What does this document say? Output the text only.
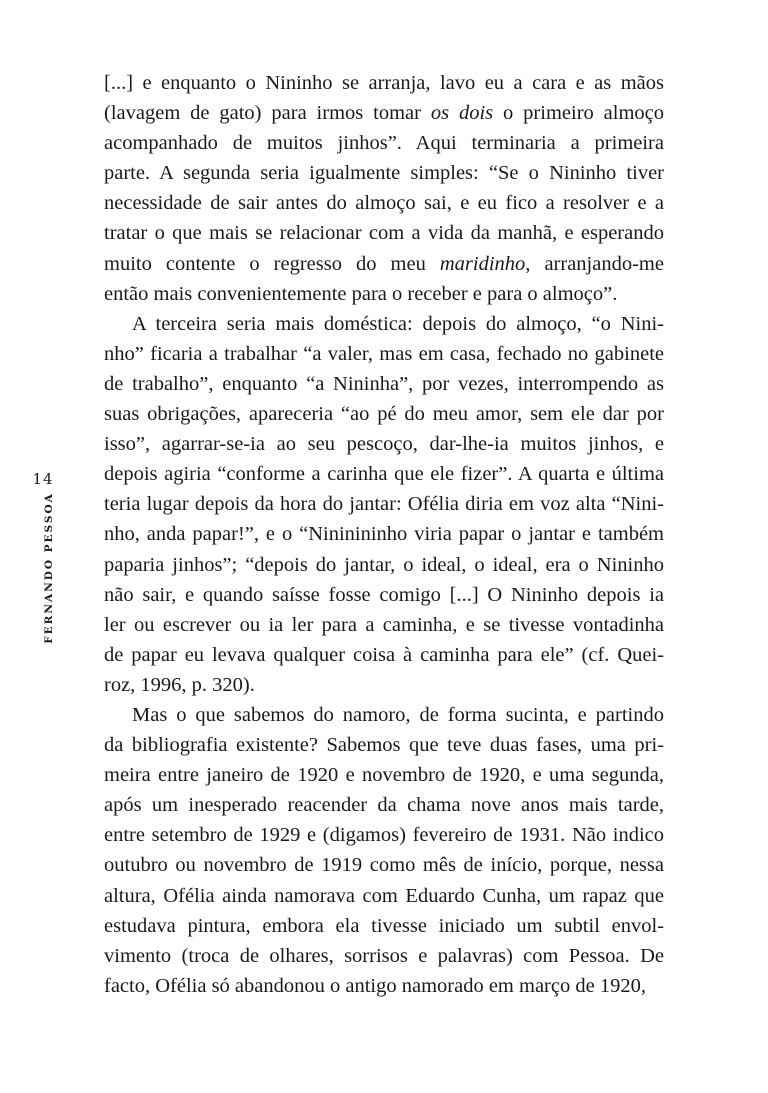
14
FERNANDO PESSOA

[...] e enquanto o Nininho se arranja, lavo eu a cara e as mãos
(lavagem de gato) para irmos tomar os dois o primeiro almoço
acompanhado de muitos jinhos”. Aqui terminaria a primeira
parte. A segunda seria igualmente simples: “Se o Nininho tiver
necessidade de sair antes do almoço sai, e eu fico a resolver e a
tratar o que mais se relacionar com a vida da manhã, e esperando
muito contente o regresso do meu maridinho, arranjando-me
então mais convenientemente para o receber e para o almoço”.

A terceira seria mais doméstica: depois do almoço, “o Nini-
nho” ficaria a trabalhar “a valer, mas em casa, fechado no gabinete
de trabalho”, enquanto “a Nininha”, por vezes, interrompendo as
suas obrigações, apareceria “ao pé do meu amor, sem ele dar por
isso”, agarrar-se-ia ao seu pescoço, dar-lhe-ia muitos jinhos, e
depois agiria “conforme a carinha que ele fizer”. A quarta e última
teria lugar depois da hora do jantar: Ofélia diria em voz alta “Nini-
nho, anda papar!”, e o “Nininininho viria papar o jantar e também
paparia jinhos”; “depois do jantar, o ideal, o ideal, era o Nininho
não sair, e quando saísse fosse comigo [...] O Nininho depois ia
ler ou escrever ou ia ler para a caminha, e se tivesse vontadinha
de papar eu levava qualquer coisa à caminha para ele” (cf. Quei-
roz, 1996, p. 320).

Mas o que sabemos do namoro, de forma sucinta, e partindo
da bibliografia existente? Sabemos que teve duas fases, uma pri-
meira entre janeiro de 1920 e novembro de 1920, e uma segunda,
após um inesperado reacender da chama nove anos mais tarde,
entre setembro de 1929 e (digamos) fevereiro de 1931. Não indico
outubro ou novembro de 1919 como mês de início, porque, nessa
altura, Ofélia ainda namorava com Eduardo Cunha, um rapaz que
estudava pintura, embora ela tivesse iniciado um subtil envol-
vimento (troca de olhares, sorrisos e palavras) com Pessoa. De
facto, Ofélia só abandonou o antigo namorado em março de 1920,
